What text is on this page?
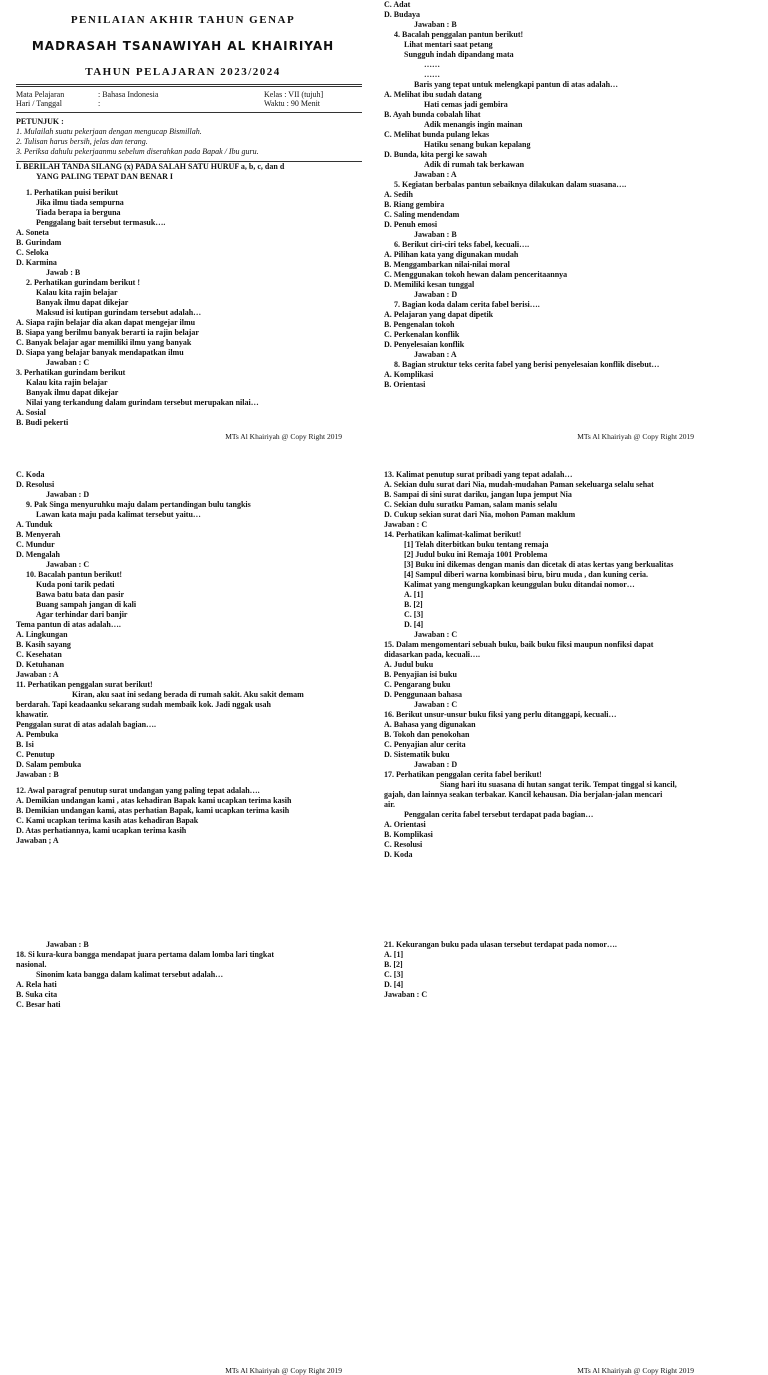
PENILAIAN AKHIR TAHUN GENAP
MADRASAH TSANAWIYAH AL KHAIRIYAH
TAHUN PELAJARAN 2023/2024
Mata Pelajaran	: Bahasa Indonesia	Kelas : VII (tujuh]
Hari / Tanggal	:	Waktu : 90 Menit
PETUNJUK :
1. Mulailah suatu pekerjaan dengan mengucap Bismillah.
2. Tulisan harus bersih, jelas dan terang.
3. Periksa dahulu pekerjaanmu sebelum diserahkan pada Bapak / Ibu guru.
I. BERILAH TANDA SILANG (x) PADA SALAH SATU HURUF a, b, c, dan d
YANG PALING TEPAT DAN BENAR I
1. Perhatikan puisi berikut
Jika ilmu tiada sempurna
Tiada berapa ia berguna
Penggalang bait tersebut termasuk….
A. Soneta
B. Gurindam
C. Seloka
D. Karmina
Jawab : B
2. Perhatikan gurindam berikut !
Kalau kita rajin belajar
Banyak ilmu dapat dikejar
Maksud isi kutipan gurindam tersebut adalah…
A. Siapa rajin belajar dia akan dapat mengejar ilmu
B. Siapa yang berilmu banyak berarti ia rajin belajar
C. Banyak belajar agar memiliki ilmu yang banyak
D. Siapa yang belajar banyak mendapatkan ilmu
Jawaban : C
3. Perhatikan gurindam berikut
Kalau kita rajin belajar
Banyak ilmu dapat dikejar
Nilai yang terkandung dalam gurindam tersebut merupakan nilai…
A. Sosial
B. Budi pekerti
MTs Al Khairiyah @ Copy Right 2019
C. Adat
D. Budaya
Jawaban : B
4. Bacalah penggalan pantun berikut!
Lihat mentari saat petang
Sungguh indah dipandang mata
……
……
Baris yang tepat untuk melengkapi pantun di atas adalah…
A. Melihat ibu sudah datang
Hati cemas jadi gembira
B. Ayah bunda cobalah lihat
Adik menangis ingin mainan
C. Melihat bunda pulang lekas
Hatiku senang bukan kepalang
D. Bunda, kita pergi ke sawah
Adik di rumah tak berkawan
Jawaban : A
5. Kegiatan berbalas pantun sebaiknya dilakukan dalam suasana….
A. Sedih
B. Riang gembira
C. Saling mendendam
D. Penuh emosi
Jawaban : B
6. Berikut ciri-ciri teks fabel, kecuali….
A. Pilihan kata yang digunakan mudah
B. Menggambarkan nilai-nilai moral
C. Menggunakan tokoh hewan dalam penceritaannya
D. Memiliki kesan tunggal
Jawaban : D
7. Bagian koda dalam cerita fabel berisi….
A. Pelajaran yang dapat dipetik
B. Pengenalan tokoh
C. Perkenalan konflik
D. Penyelesaian konflik
Jawaban : A
8. Bagian struktur teks cerita fabel yang berisi penyelesaian konflik disebut…
A. Komplikasi
B. Orientasi
MTs Al Khairiyah @ Copy Right 2019
C. Koda
D. Resolusi
Jawaban : D
9. Pak Singa menyuruhku maju dalam pertandingan bulu tangkis
Lawan kata maju pada kalimat tersebut yaitu…
A. Tunduk
B. Menyerah
C. Mundur
D. Mengalah
Jawaban : C
10. Bacalah pantun berikut!
Kuda poni tarik pedati
Bawa batu bata dan pasir
Buang sampah jangan di kali
Agar terhindar dari banjir
Tema pantun di atas adalah….
A. Lingkungan
B. Kasih sayang
C. Kesehatan
D. Ketuhanan
Jawaban : A
11. Perhatikan penggalan surat berikut!
Kiran, aku saat ini sedang berada di rumah sakit. Aku sakit demam
berdarah. Tapi keadaanku sekarang sudah membaik kok. Jadi nggak usah
khawatir.
Penggalan surat di atas adalah bagian….
A. Pembuka
B. Isi
C. Penutup
D. Salam pembuka
Jawaban : B
12. Awal paragraf penutup surat undangan yang paling tepat adalah….
A. Demikian undangan kami , atas kehadiran Bapak kami ucapkan terima kasih
B. Demikian undangan kami, atas perhatian Bapak, kami ucapkan terima kasih
C. Kami ucapkan terima kasih atas kehadiran Bapak
D. Atas perhatiannya, kami ucapkan terima kasih
Jawaban ; A
MTs Al Khairiyah @ Copy Right 2019
13. Kalimat penutup surat pribadi yang tepat adalah…
A. Sekian dulu surat dari Nia, mudah-mudahan Paman sekeluarga selalu sehat
B. Sampai di sini surat dariku, jangan lupa jemput Nia
C. Sekian dulu suratku Paman, salam manis selalu
D. Cukup sekian surat dari Nia, mohon Paman maklum
Jawaban : C
14. Perhatikan kalimat-kalimat berikut!
[1] Telah diterbitkan buku tentang remaja
[2] Judul buku ini Remaja 1001 Problema
[3] Buku ini dikemas dengan manis dan dicetak di atas kertas yang berkualitas
[4] Sampul diberi warna kombinasi biru, biru muda , dan kuning ceria.
Kalimat yang mengungkapkan keunggulan buku ditandai nomor…
A. [1]
B. [2]
C. [3]
D. [4]
Jawaban : C
15. Dalam mengomentari sebuah buku, baik buku fiksi maupun nonfiksi dapat
didasarkan pada, kecuali….
A. Judul buku
B. Penyajian isi buku
C. Pengarang buku
D. Penggunaan bahasa
Jawaban : C
16. Berikut unsur-unsur buku fiksi yang perlu ditanggapi, kecuali…
A. Bahasa yang digunakan
B. Tokoh dan penokohan
C. Penyajian alur cerita
D. Sistematik buku
Jawaban : D
17. Perhatikan penggalan cerita fabel berikut!
Siang hari itu suasana di hutan sangat terik. Tempat tinggal si kancil,
gajah, dan lainnya seakan terbakar. Kancil kehausan. Dia berjalan-jalan mencari
air.
Penggalan cerita fabel tersebut terdapat pada bagian…
A. Orientasi
B. Komplikasi
C. Resolusi
D. Koda
MTs Al Khairiyah @ Copy Right 2019
Jawaban : B
18. Si kura-kura bangga mendapat juara pertama dalam lomba lari tingkat
nasional.
Sinonim kata bangga dalam kalimat tersebut adalah…
A. Rela hati
B. Suka cita
C. Besar hati
21. Kekurangan buku pada ulasan tersebut terdapat pada nomor….
A. [1]
B. [2]
C. [3]
D. [4]
Jawaban : C
